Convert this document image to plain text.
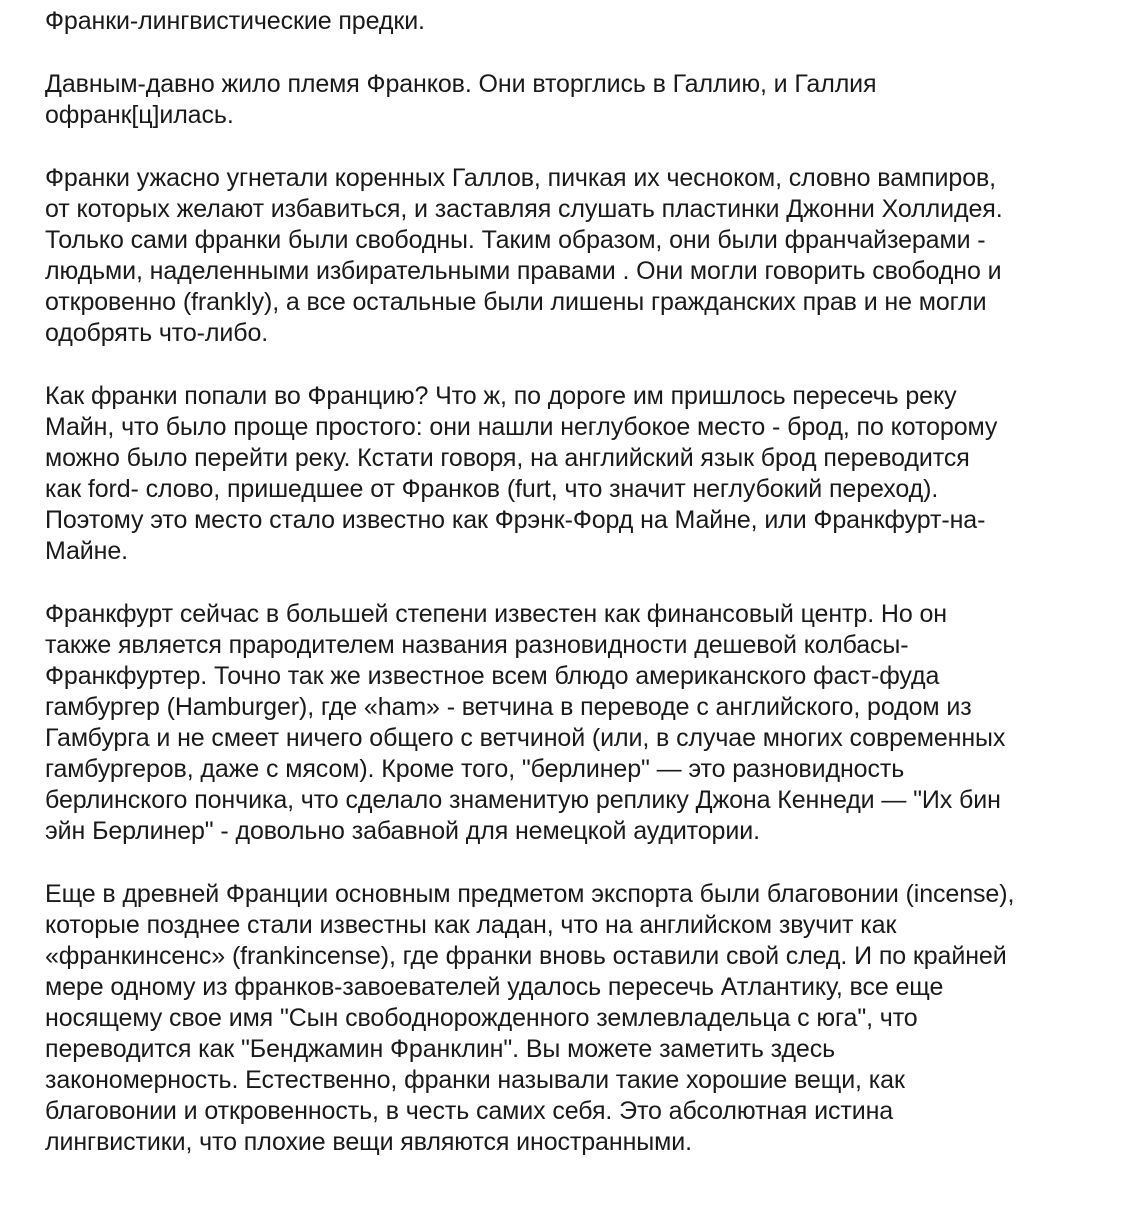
Франки-лингвистические предки.

Давным-давно жило племя Франков. Они вторглись в Галлию, и Галлия
офранк[ц]илась.

Франки ужасно угнетали коренных Галлов, пичкая их чесноком, словно вампиров,
от которых желают избавиться, и заставляя слушать пластинки Джонни Холлидея.
Только сами франки были свободны. Таким образом, они были франчайзерами -
людьми, наделенными избирательными правами . Они могли говорить свободно и
откровенно (frankly), а все остальные были лишены гражданских прав и не могли
одобрять что-либо.

Как франки попали во Францию? Что ж, по дороге им пришлось пересечь реку
Майн, что было проще простого: они нашли неглубокое место - брод, по которому
можно было перейти реку. Кстати говоря, на английский язык брод переводится
как ford- слово, пришедшее от Франков (furt, что значит неглубокий переход).
Поэтому это место стало известно как Фрэнк-Форд на Майне, или Франкфурт-на-
Майне.

Франкфурт сейчас в большей степени известен как финансовый центр. Но он
также является прародителем названия разновидности дешевой колбасы-
Франкфуртер. Точно так же известное всем блюдо американского фаст-фуда
гамбургер (Hamburger), где «ham» - ветчина в переводе с английского, родом из
Гамбурга и не смеет ничего общего с ветчиной (или, в случае многих современных
гамбургеров, даже с мясом). Кроме того, "берлинер" — это разновидность
берлинского пончика, что сделало знаменитую реплику Джона Кеннеди — "Их бин
эйн Берлинер" - довольно забавной для немецкой аудитории.

Еще в древней Франции основным предметом экспорта были благовонии (incense),
которые позднее стали известны как ладан, что на английском звучит как
«франкинсенс» (frankincense), где франки вновь оставили свой след. И по крайней
мере одному из франков-завоевателей удалось пересечь Атлантику, все еще
носящему свое имя "Сын свободнорожденного землевладельца с юга", что
переводится как "Бенджамин Франклин". Вы можете заметить здесь
закономерность. Естественно, франки называли такие хорошие вещи, как
благовонии и откровенность, в честь самих себя. Это абсолютная истина
лингвистики, что плохие вещи являются иностранными.
